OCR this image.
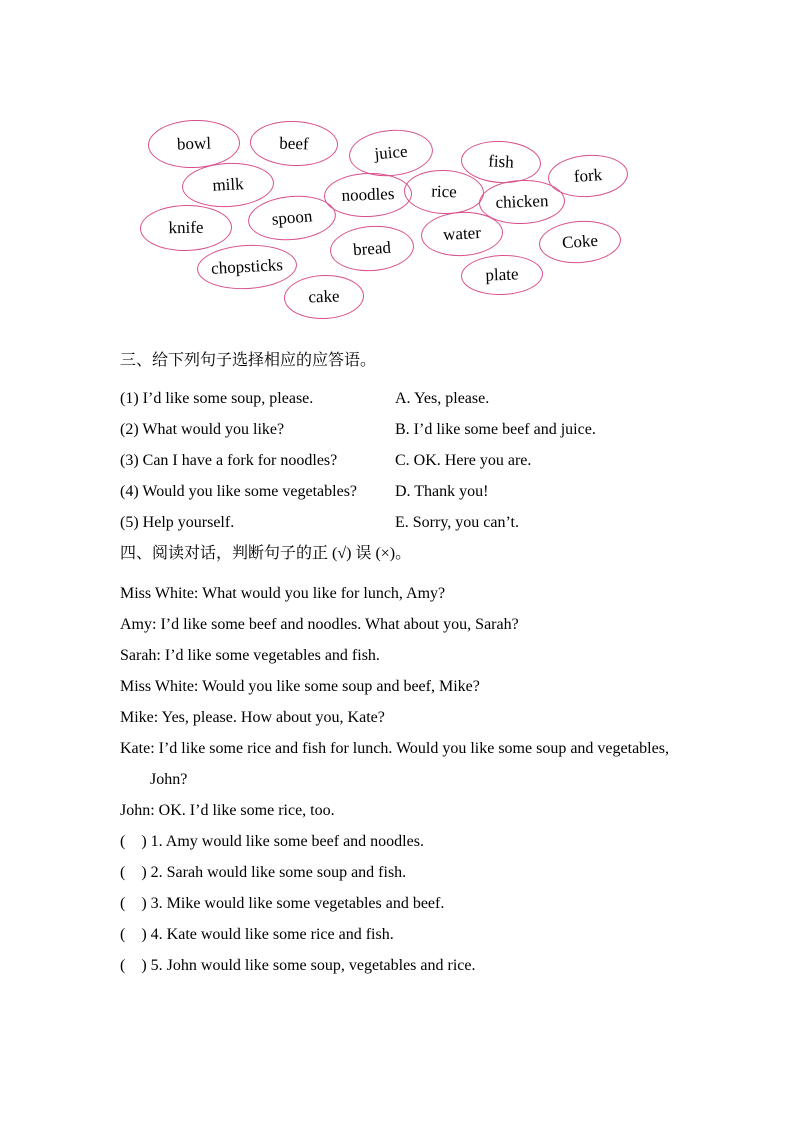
bowl	beef	juice	fish
fork
milk	noodles rice chicken
knife	spoon
water	Coke
chopsticks
bread
plate
cake

三、给下列句子选择相应的应答语。

(1) I’d like some soup, please.	A. Yes, please.
(2) What would you like?	B. I’d like some beef and juice.
(3) Can I have a fork for noodles?	C. OK. Here you are.
(4) Would you like some vegetables?	D. Thank you!
(5) Help yourself.	E. Sorry, you can’t.

四、阅读对话，判断句子的正 (√) 误 (×)。

Miss White: What would you like for lunch, Amy?

Amy: I’d like some beef and noodles. What about you, Sarah?

Sarah: I’d like some vegetables and fish.

Miss White: Would you like some soup and beef, Mike?

Mike: Yes, please. How about you, Kate?

Kate: I’d like some rice and fish for lunch. Would you like some soup and vegetables,

John?

John: OK. I’d like some rice, too.

(    ) 1. Amy would like some beef and noodles.

(    ) 2. Sarah would like some soup and fish.

(    ) 3. Mike would like some vegetables and beef.

(    ) 4. Kate would like some rice and fish.

(    ) 5. John would like some soup, vegetables and rice.
